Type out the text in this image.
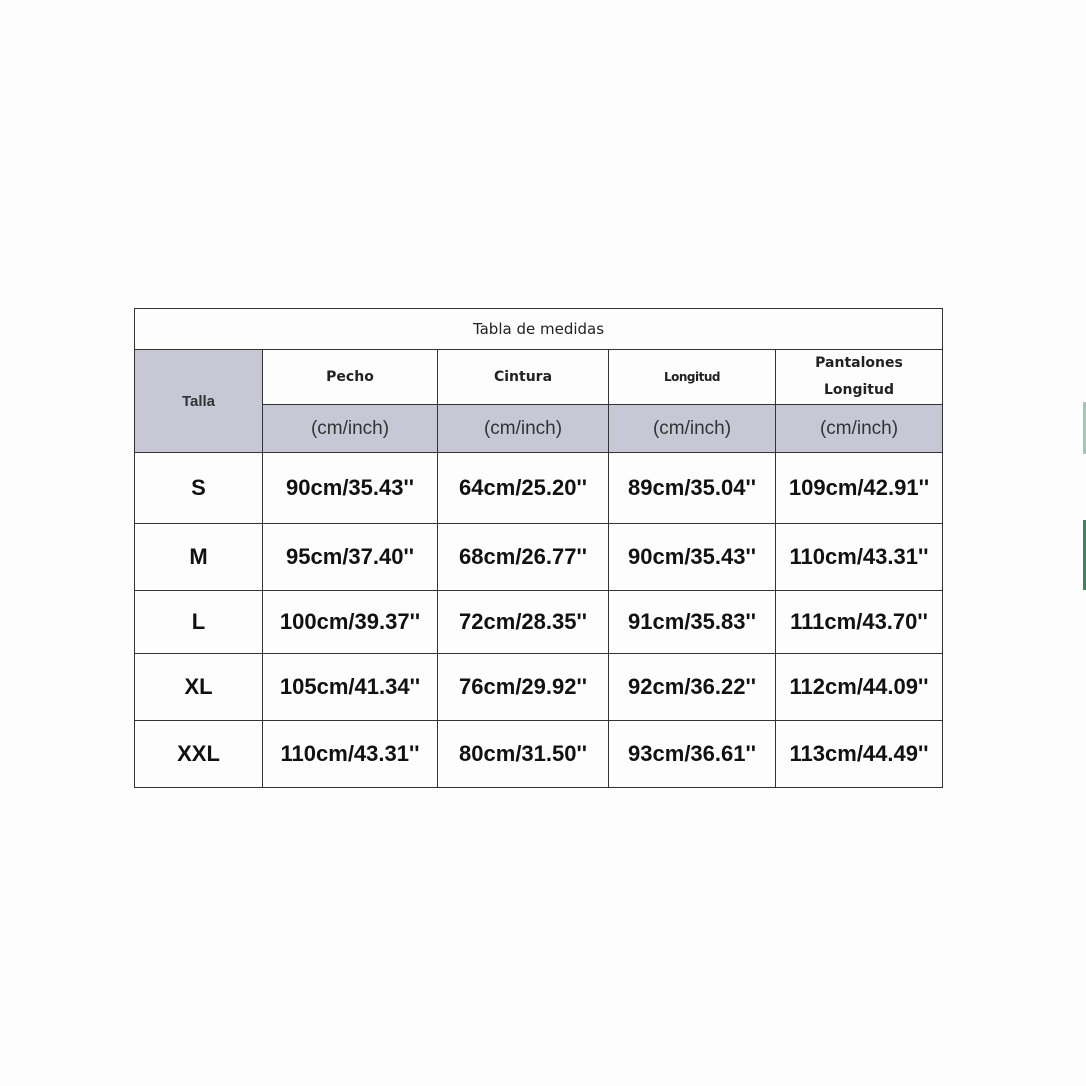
Tabla de medidas				
Talla	Pecho	Cintura	Longitud	Pantalones
Longitud

	(cm/inch)	(cm/inch)	(cm/inch)	(cm/inch)
S	90cm/35.43''	64cm/25.20''	89cm/35.04''	109cm/42.91''
M	95cm/37.40''	68cm/26.77''	90cm/35.43''	110cm/43.31''
L	100cm/39.37''	72cm/28.35''	91cm/35.83''	111cm/43.70''
XL	105cm/41.34''	76cm/29.92''	92cm/36.22''	112cm/44.09''
XXL	110cm/43.31''	80cm/31.50''	93cm/36.61''	113cm/44.49''
